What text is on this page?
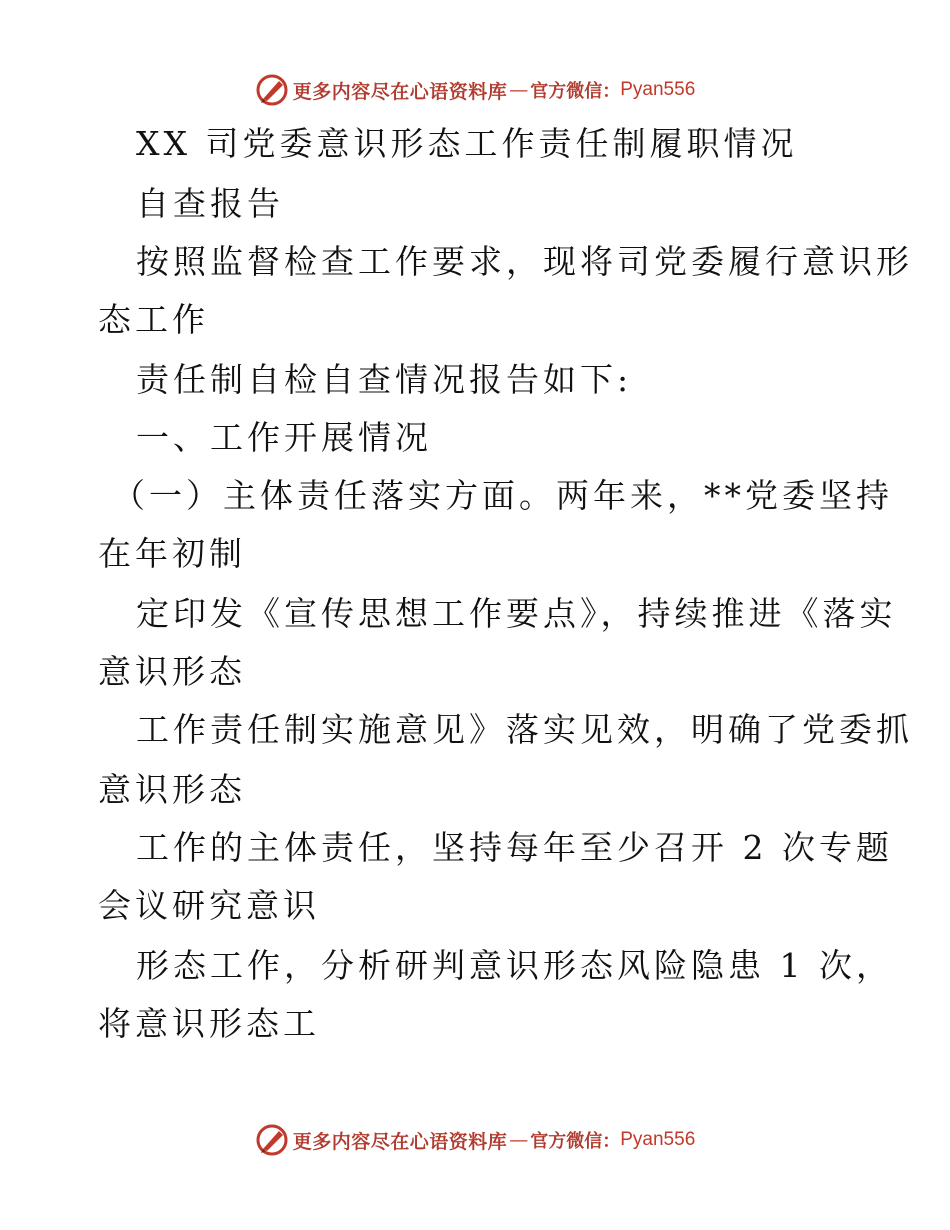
更多内容尽在心语资料库 — 官方微信： Pyan556
XX 司党委意识形态工作责任制履职情况
自查报告
按照监督检查工作要求，现将司党委履行意识形
态工作
责任制自检自查情况报告如下:
一、工作开展情况
（一）主体责任落实方面。两年来，**党委坚持
在年初制
定印发《宣传思想工作要点》，持续推进《落实
意识形态
工作责任制实施意见》落实见效，明确了党委抓
意识形态
工作的主体责任，坚持每年至少召开 2 次专题
会议研究意识
形态工作，分析研判意识形态风险隐患 1 次，
将意识形态工
更多内容尽在心语资料库 — 官方微信： Pyan556
